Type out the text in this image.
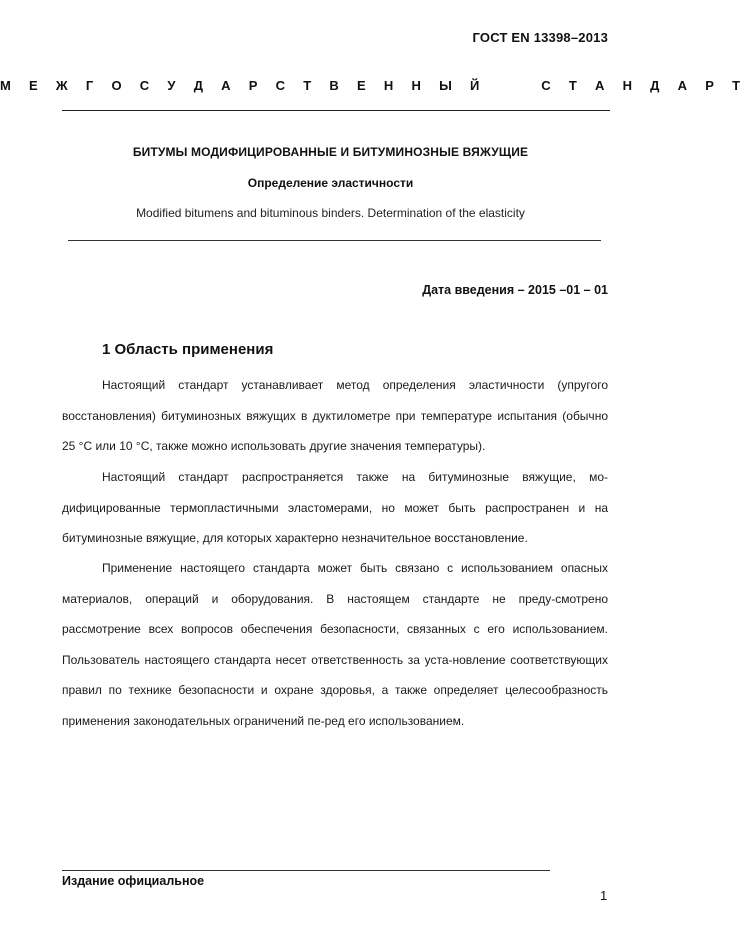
ГОСТ EN 13398–2013
М Е Ж Г О С У Д А Р С Т В Е Н Н Ы Й     С Т А Н Д А Р Т
БИТУМЫ МОДИФИЦИРОВАННЫЕ И БИТУМИНОЗНЫЕ ВЯЖУЩИЕ
Определение эластичности
Modified bitumens and bituminous binders. Determination of the elasticity
Дата введения – 2015 –01 – 01
1 Область применения
Настоящий стандарт устанавливает метод определения эластичности (упругого восстановления) битуминозных вяжущих в дуктилометре при температуре испытания (обычно 25 °С или 10 °С, также можно использовать другие значения температуры).
Настоящий стандарт распространяется также на битуминозные вяжущие, мо-дифицированные термопластичными эластомерами, но может быть распространен и на битуминозные вяжущие, для которых характерно незначительное восстановление.
Применение настоящего стандарта может быть связано с использованием опасных материалов, операций и оборудования. В настоящем стандарте не преду-смотрено рассмотрение всех вопросов обеспечения безопасности, связанных с его использованием. Пользователь настоящего стандарта несет ответственность за уста-новление соответствующих правил по технике безопасности и охране здоровья, а также определяет целесообразность применения законодательных ограничений пе-ред его использованием.
Издание официальное
1
